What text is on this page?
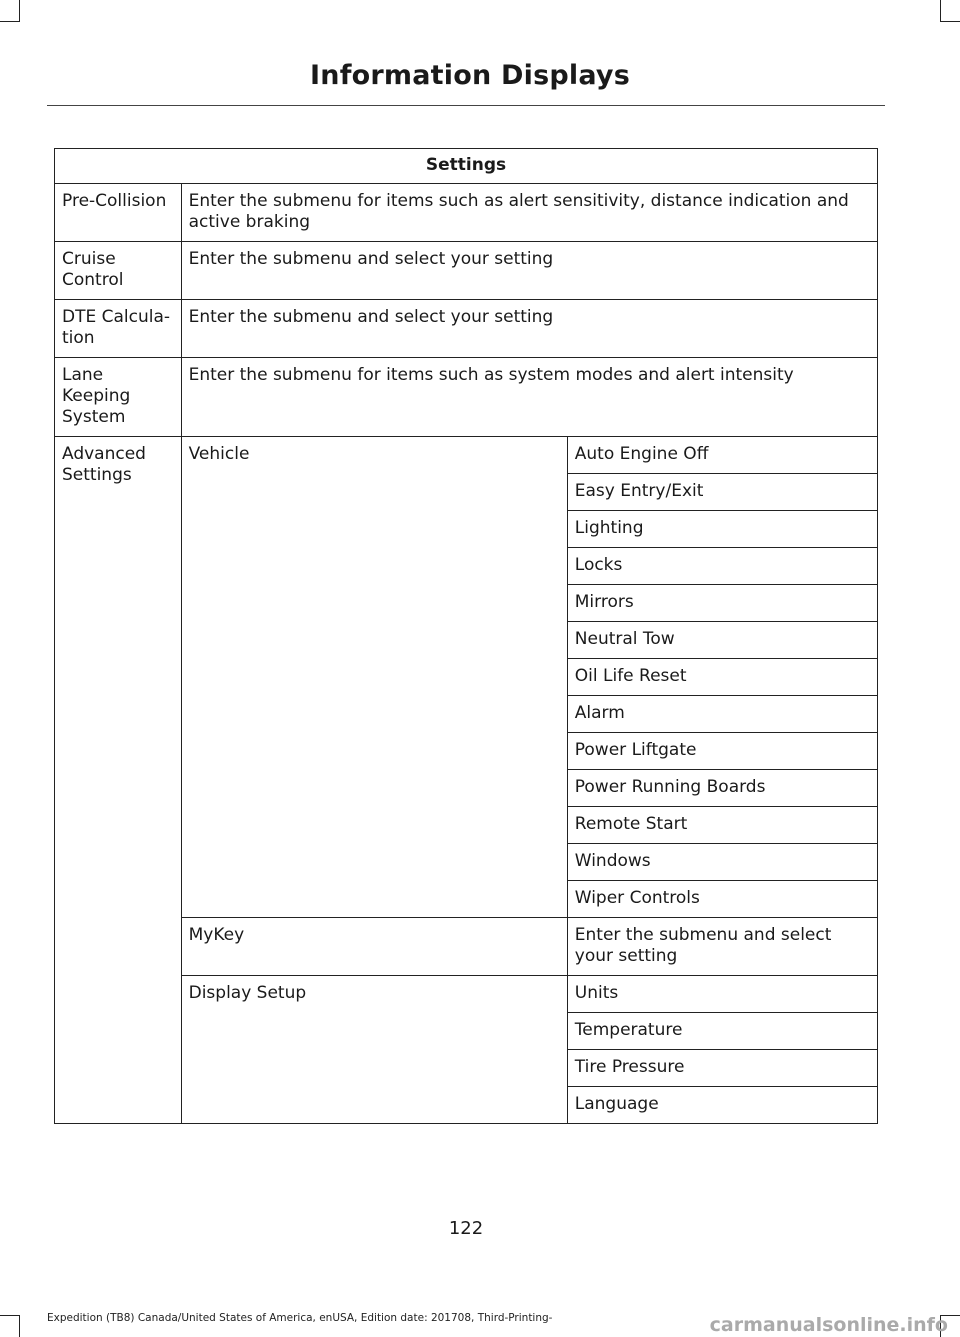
Information Displays
Settings		
Pre-Collision	Enter the submenu for items such as alert sensitivity, distance indication and active braking	
Cruise Control	Enter the submenu and select your setting	
DTE Calcula-tion	Enter the submenu and select your setting	
Lane Keeping System	Enter the submenu for items such as system modes and alert intensity	
Advanced Settings	Vehicle	Auto Engine Off
		Easy Entry/Exit
		Lighting
		Locks
		Mirrors
		Neutral Tow
		Oil Life Reset
		Alarm
		Power Liftgate
		Power Running Boards
		Remote Start
		Windows
		Wiper Controls
	MyKey	Enter the submenu and select your setting
	Display Setup	Units
		Temperature
		Tire Pressure
		Language
122
Expedition (TB8) Canada/United States of America, enUSA, Edition date: 201708, Third-Printing-	carmanualsonline.info
